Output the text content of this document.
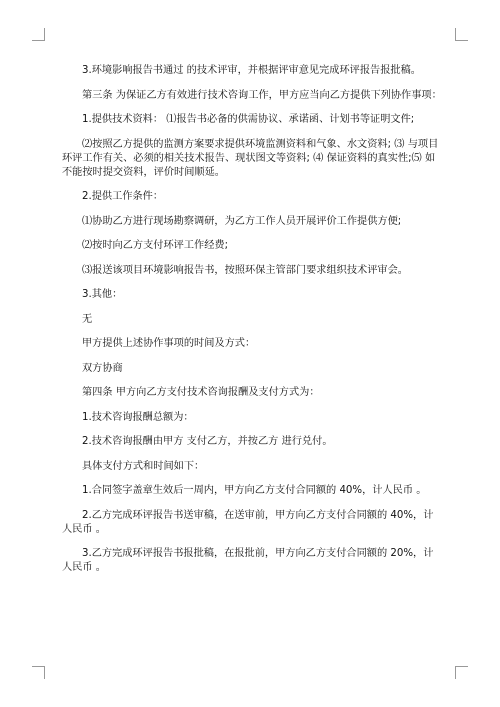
3.环境影响报告书通过 的技术评审，并根据评审意见完成环评报告报批稿。

第三条 为保证乙方有效进行技术咨询工作，甲方应当向乙方提供下列协作事项：

1.提供技术资料： ⑴报告书必备的供需协议、承诺函、计划书等证明文件;

⑵按照乙方提供的监测方案要求提供环境监测资料和气象、水文资料; ⑶ 与项目环评工作有关、必须的相关技术报告、现状图文等资料; ⑷ 保证资料的真实性;⑸ 如不能按时提交资料，评价时间顺延。

2.提供工作条件：

⑴协助乙方进行现场勘察调研，为乙方工作人员开展评价工作提供方便;

⑵按时向乙方支付环评工作经费;

⑶报送该项目环境影响报告书，按照环保主管部门要求组织技术评审会。

3.其他：

无

甲方提供上述协作事项的时间及方式：

双方协商

第四条 甲方向乙方支付技术咨询报酬及支付方式为：

1.技术咨询报酬总额为：

2.技术咨询报酬由甲方 支付乙方，并按乙方 进行兑付。

具体支付方式和时间如下：

1.合同签字盖章生效后一周内，甲方向乙方支付合同额的 40%，计人民币 。

2.乙方完成环评报告书送审稿，在送审前，甲方向乙方支付合同额的 40%，计人民币 。

3.乙方完成环评报告书报批稿，在报批前，甲方向乙方支付合同额的 20%，计人民币 。
